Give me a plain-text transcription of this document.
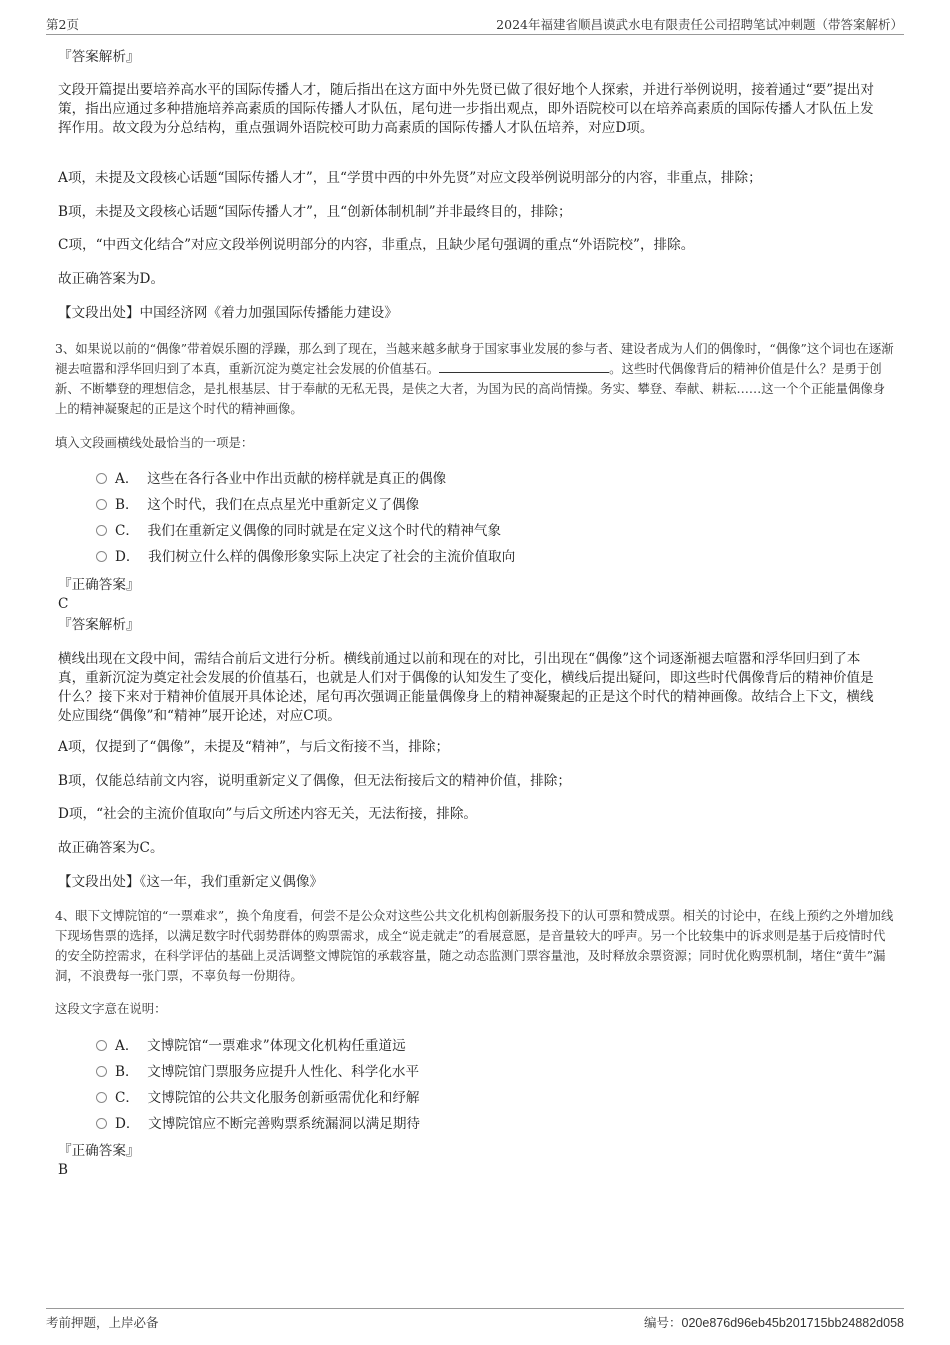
第2页	2024年福建省顺昌谟武水电有限责任公司招聘笔试冲刺题（带答案解析）
『答案解析』

文段开篇提出要培养高水平的国际传播人才，随后指出在这方面中外先贤已做了很好地个人探索，并进行举例说明，接着通过“要”提出对策，指出应通过多种措施培养高素质的国际传播人才队伍，尾句进一步指出观点，即外语院校可以在培养高素质的国际传播人才队伍上发挥作用。故文段为分总结构，重点强调外语院校可助力高素质的国际传播人才队伍培养，对应D项。

A项，未提及文段核心话题“国际传播人才”，且“学贯中西的中外先贤”对应文段举例说明部分的内容，非重点，排除；

B项，未提及文段核心话题“国际传播人才”，且“创新体制机制”并非最终目的，排除；

C项，“中西文化结合”对应文段举例说明部分的内容，非重点，且缺少尾句强调的重点“外语院校”，排除。

故正确答案为D。

【文段出处】中国经济网《着力加强国际传播能力建设》

3、如果说以前的“偶像”带着娱乐圈的浮躁，那么到了现在，当越来越多献身于国家事业发展的参与者、建设者成为人们的偶像时，“偶像”这个词也在逐渐褪去喧嚣和浮华回归到了本真，重新沉淀为奠定社会发展的价值基石。	。这些时代偶像背后的精神价值是什么？是勇于创新、不断攀登的理想信念，是扎根基层、甘于奉献的无私无畏，是侠之大者，为国为民的高尚情操。务实、攀登、奉献、耕耘……这一个个正能量偶像身上的精神凝聚起的正是这个时代的精神画像。

填入文段画横线处最恰当的一项是：

A． 这些在各行各业中作出贡献的榜样就是真正的偶像
B． 这个时代，我们在点点星光中重新定义了偶像
C． 我们在重新定义偶像的同时就是在定义这个时代的精神气象
D． 我们树立什么样的偶像形象实际上决定了社会的主流价值取向
『正确答案』
C
『答案解析』

横线出现在文段中间，需结合前后文进行分析。横线前通过以前和现在的对比，引出现在“偶像”这个词逐渐褪去喧嚣和浮华回归到了本真，重新沉淀为奠定社会发展的价值基石，也就是人们对于偶像的认知发生了变化，横线后提出疑问，即这些时代偶像背后的精神价值是什么？接下来对于精神价值展开具体论述，尾句再次强调正能量偶像身上的精神凝聚起的正是这个时代的精神画像。故结合上下文，横线处应围绕“偶像”和“精神”展开论述，对应C项。

A项，仅提到了“偶像”，未提及“精神”，与后文衔接不当，排除；

B项，仅能总结前文内容，说明重新定义了偶像，但无法衔接后文的精神价值，排除；

D项，“社会的主流价值取向”与后文所述内容无关，无法衔接，排除。

故正确答案为C。

【文段出处】《这一年，我们重新定义偶像》

4、眼下文博院馆的“一票难求”，换个角度看，何尝不是公众对这些公共文化机构创新服务投下的认可票和赞成票。相关的讨论中，在线上预约之外增加线下现场售票的选择，以满足数字时代弱势群体的购票需求，成全“说走就走”的看展意愿，是音量较大的呼声。另一个比较集中的诉求则是基于后疫情时代的安全防控需求，在科学评估的基础上灵活调整文博院馆的承载容量，随之动态监测门票容量池，及时释放余票资源；同时优化购票机制，堵住“黄牛”漏洞，不浪费每一张门票，不辜负每一份期待。

这段文字意在说明：

A． 文博院馆“一票难求”体现文化机构任重道远
B． 文博院馆门票服务应提升人性化、科学化水平
C． 文博院馆的公共文化服务创新亟需优化和纾解
D． 文博院馆应不断完善购票系统漏洞以满足期待
『正确答案』
B
考前押题，上岸必备	编号：020e876d96eb45b201715bb24882d058
